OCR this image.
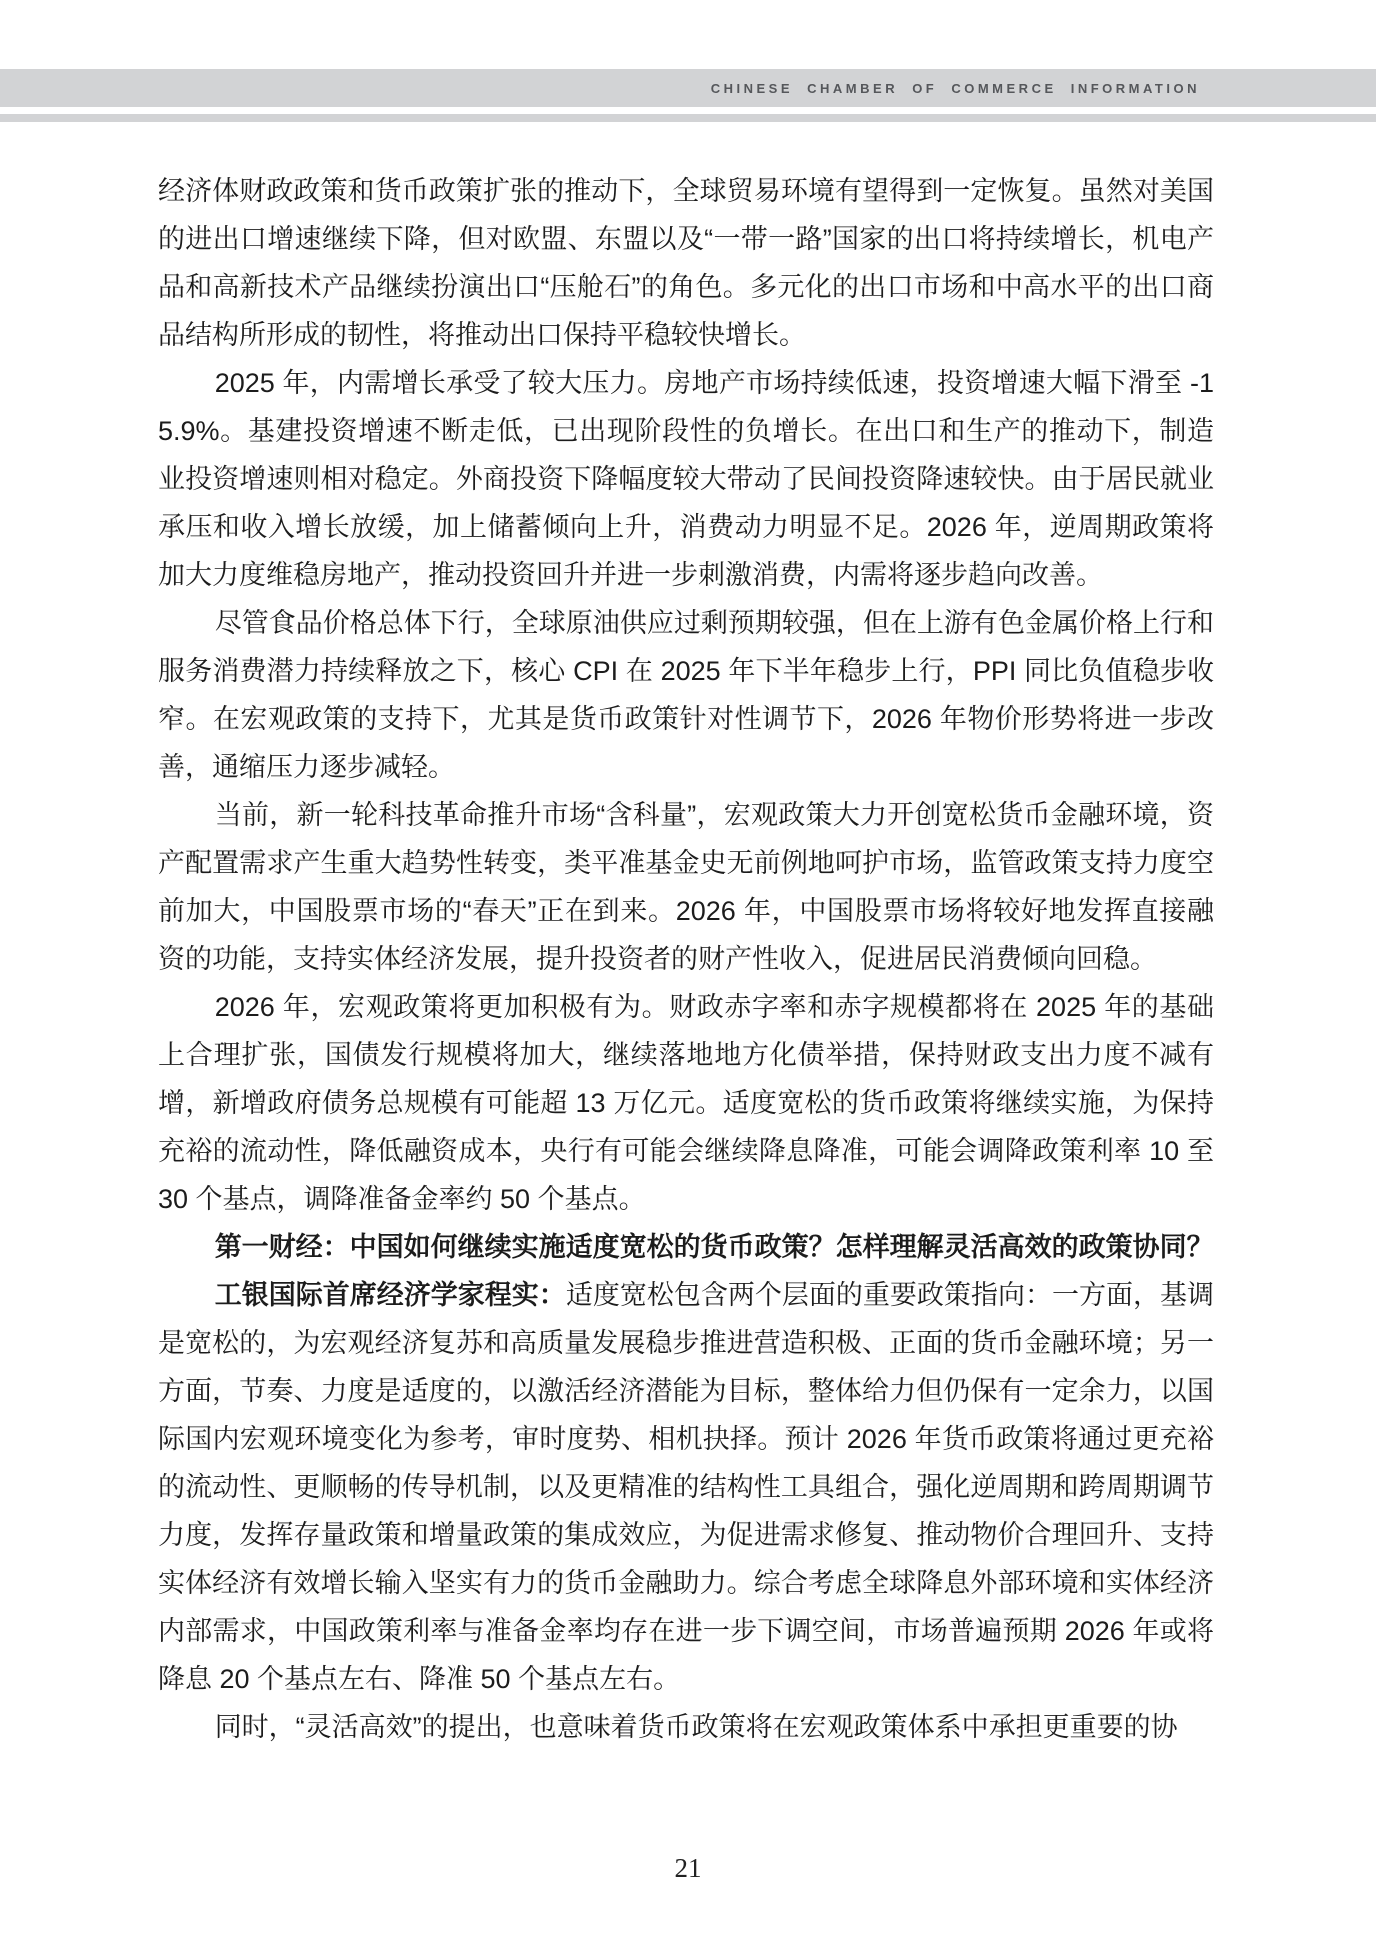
CHINESE CHAMBER OF COMMERCE INFORMATION

经济体财政政策和货币政策扩张的推动下，全球贸易环境有望得到一定恢复。虽然对美国的进出口增速继续下降，但对欧盟、东盟以及“一带一路”国家的出口将持续增长，机电产品和高新技术产品继续扮演出口“压舱石”的角色。多元化的出口市场和中高水平的出口商品结构所形成的韧性，将推动出口保持平稳较快增长。

2025 年，内需增长承受了较大压力。房地产市场持续低速，投资增速大幅下滑至 -15.9%。基建投资增速不断走低，已出现阶段性的负增长。在出口和生产的推动下，制造业投资增速则相对稳定。外商投资下降幅度较大带动了民间投资降速较快。由于居民就业承压和收入增长放缓，加上储蓄倾向上升，消费动力明显不足。2026 年，逆周期政策将加大力度维稳房地产，推动投资回升并进一步刺激消费，内需将逐步趋向改善。

尽管食品价格总体下行，全球原油供应过剩预期较强，但在上游有色金属价格上行和服务消费潜力持续释放之下，核心 CPI 在 2025 年下半年稳步上行，PPI 同比负值稳步收窄。在宏观政策的支持下，尤其是货币政策针对性调节下，2026 年物价形势将进一步改善，通缩压力逐步减轻。

当前，新一轮科技革命推升市场“含科量”，宏观政策大力开创宽松货币金融环境，资产配置需求产生重大趋势性转变，类平准基金史无前例地呵护市场，监管政策支持力度空前加大，中国股票市场的“春天”正在到来。2026 年，中国股票市场将较好地发挥直接融资的功能，支持实体经济发展，提升投资者的财产性收入，促进居民消费倾向回稳。

2026 年，宏观政策将更加积极有为。财政赤字率和赤字规模都将在 2025 年的基础上合理扩张，国债发行规模将加大，继续落地地方化债举措，保持财政支出力度不减有增，新增政府债务总规模有可能超 13 万亿元。适度宽松的货币政策将继续实施，为保持充裕的流动性，降低融资成本，央行有可能会继续降息降准，可能会调降政策利率 10 至 30 个基点，调降准备金率约 50 个基点。

第一财经：中国如何继续实施适度宽松的货币政策？怎样理解灵活高效的政策协同？

工银国际首席经济学家程实：适度宽松包含两个层面的重要政策指向：一方面，基调是宽松的，为宏观经济复苏和高质量发展稳步推进营造积极、正面的货币金融环境；另一方面，节奏、力度是适度的，以激活经济潜能为目标，整体给力但仍保有一定余力，以国际国内宏观环境变化为参考，审时度势、相机抉择。预计 2026 年货币政策将通过更充裕的流动性、更顺畅的传导机制，以及更精准的结构性工具组合，强化逆周期和跨周期调节力度，发挥存量政策和增量政策的集成效应，为促进需求修复、推动物价合理回升、支持实体经济有效增长输入坚实有力的货币金融助力。综合考虑全球降息外部环境和实体经济内部需求，中国政策利率与准备金率均存在进一步下调空间，市场普遍预期 2026 年或将降息 20 个基点左右、降准 50 个基点左右。

同时，“灵活高效”的提出，也意味着货币政策将在宏观政策体系中承担更重要的协

21
